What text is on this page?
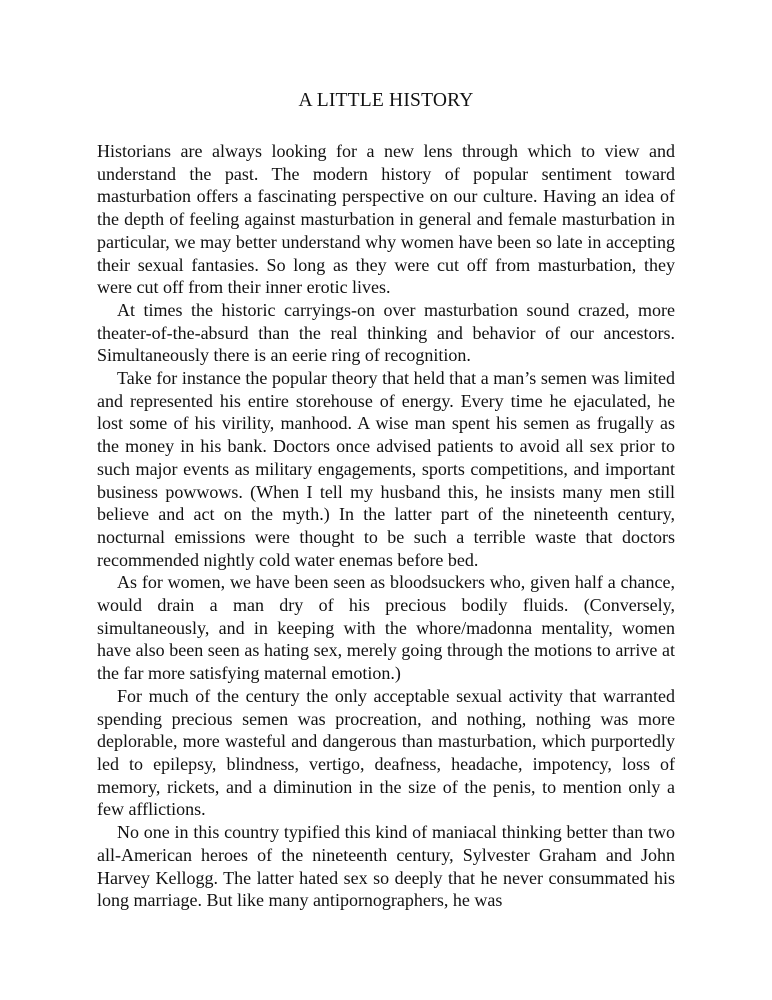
A LITTLE HISTORY

Historians are always looking for a new lens through which to view and understand the past. The modern history of popular sentiment toward masturbation offers a fascinating perspective on our culture. Having an idea of the depth of feeling against masturbation in general and female masturbation in particular, we may better understand why women have been so late in accepting their sexual fantasies. So long as they were cut off from masturbation, they were cut off from their inner erotic lives.

At times the historic carryings-on over masturbation sound crazed, more theater-of-the-absurd than the real thinking and behavior of our ancestors. Simultaneously there is an eerie ring of recognition.

Take for instance the popular theory that held that a man’s semen was limited and represented his entire storehouse of energy. Every time he ejaculated, he lost some of his virility, manhood. A wise man spent his semen as frugally as the money in his bank. Doctors once advised patients to avoid all sex prior to such major events as military engagements, sports competitions, and important business powwows. (When I tell my husband this, he insists many men still believe and act on the myth.) In the latter part of the nineteenth century, nocturnal emissions were thought to be such a terrible waste that doctors recommended nightly cold water enemas before bed.

As for women, we have been seen as bloodsuckers who, given half a chance, would drain a man dry of his precious bodily fluids. (Conversely, simultaneously, and in keeping with the whore/madonna mentality, women have also been seen as hating sex, merely going through the motions to arrive at the far more satisfying maternal emotion.)

For much of the century the only acceptable sexual activity that warranted spending precious semen was procreation, and nothing, nothing was more deplorable, more wasteful and dangerous than masturbation, which purportedly led to epilepsy, blindness, vertigo, deafness, headache, impotency, loss of memory, rickets, and a diminution in the size of the penis, to mention only a few afflictions.

No one in this country typified this kind of maniacal thinking better than two all-American heroes of the nineteenth century, Sylvester Graham and John Harvey Kellogg. The latter hated sex so deeply that he never consummated his long marriage. But like many antipornographers, he was
